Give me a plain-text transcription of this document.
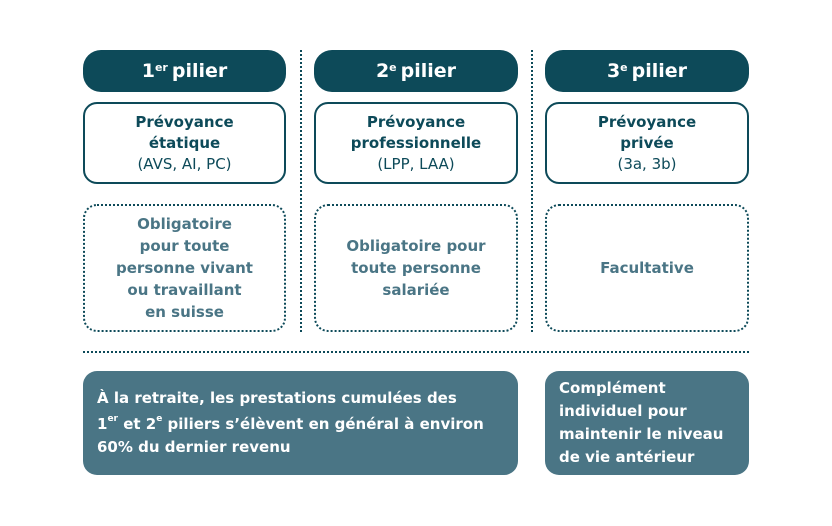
1er pilier
Prévoyance
étatique
(AVS, AI, PC)
Obligatoire
pour toute
personne vivant
ou travaillant
en suisse
2e pilier
Prévoyance
professionnelle
(LPP, LAA)
Obligatoire pour
toute personne
salariée
3e pilier
Prévoyance
privée
(3a, 3b)
Facultative
À la retraite, les prestations cumulées des
1er et 2e piliers s’élèvent en général à environ
60% du dernier revenu
Complément
individuel pour
maintenir le niveau
de vie antérieur
